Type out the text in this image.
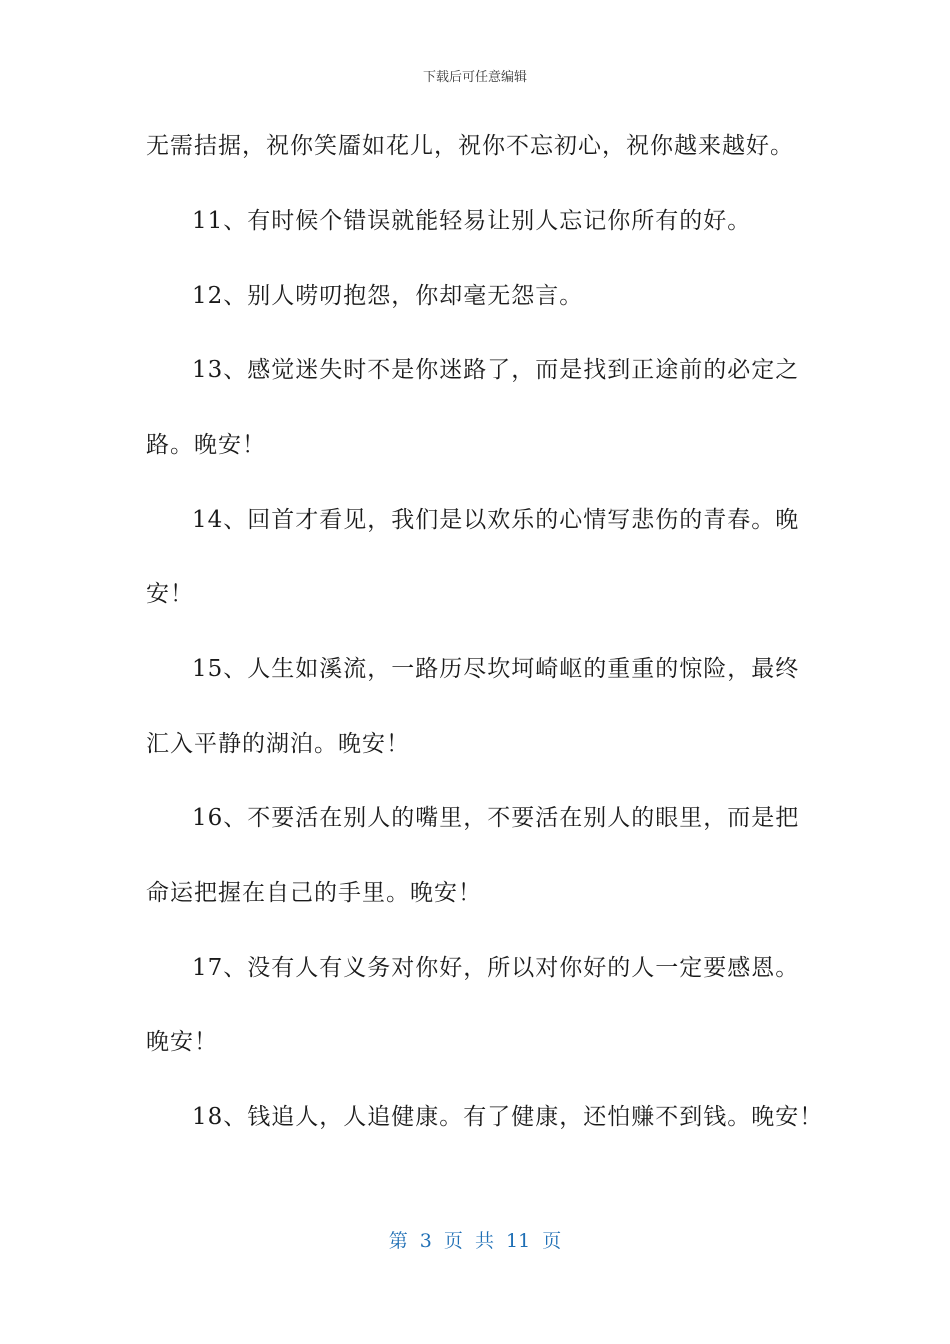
下载后可任意编辑
无需拮据，祝你笑靥如花儿，祝你不忘初心，祝你越来越好。
11、有时候个错误就能轻易让别人忘记你所有的好。
12、别人唠叨抱怨，你却毫无怨言。
13、感觉迷失时不是你迷路了，而是找到正途前的必定之
路。晚安！
14、回首才看见，我们是以欢乐的心情写悲伤的青春。晚
安！
15、人生如溪流，一路历尽坎坷崎岖的重重的惊险，最终
汇入平静的湖泊。晚安！
16、不要活在别人的嘴里，不要活在别人的眼里，而是把
命运把握在自己的手里。晚安！
17、没有人有义务对你好，所以对你好的人一定要感恩。
晚安！
18、钱追人，人追健康。有了健康，还怕赚不到钱。晚安！
第 3 页 共 11 页
